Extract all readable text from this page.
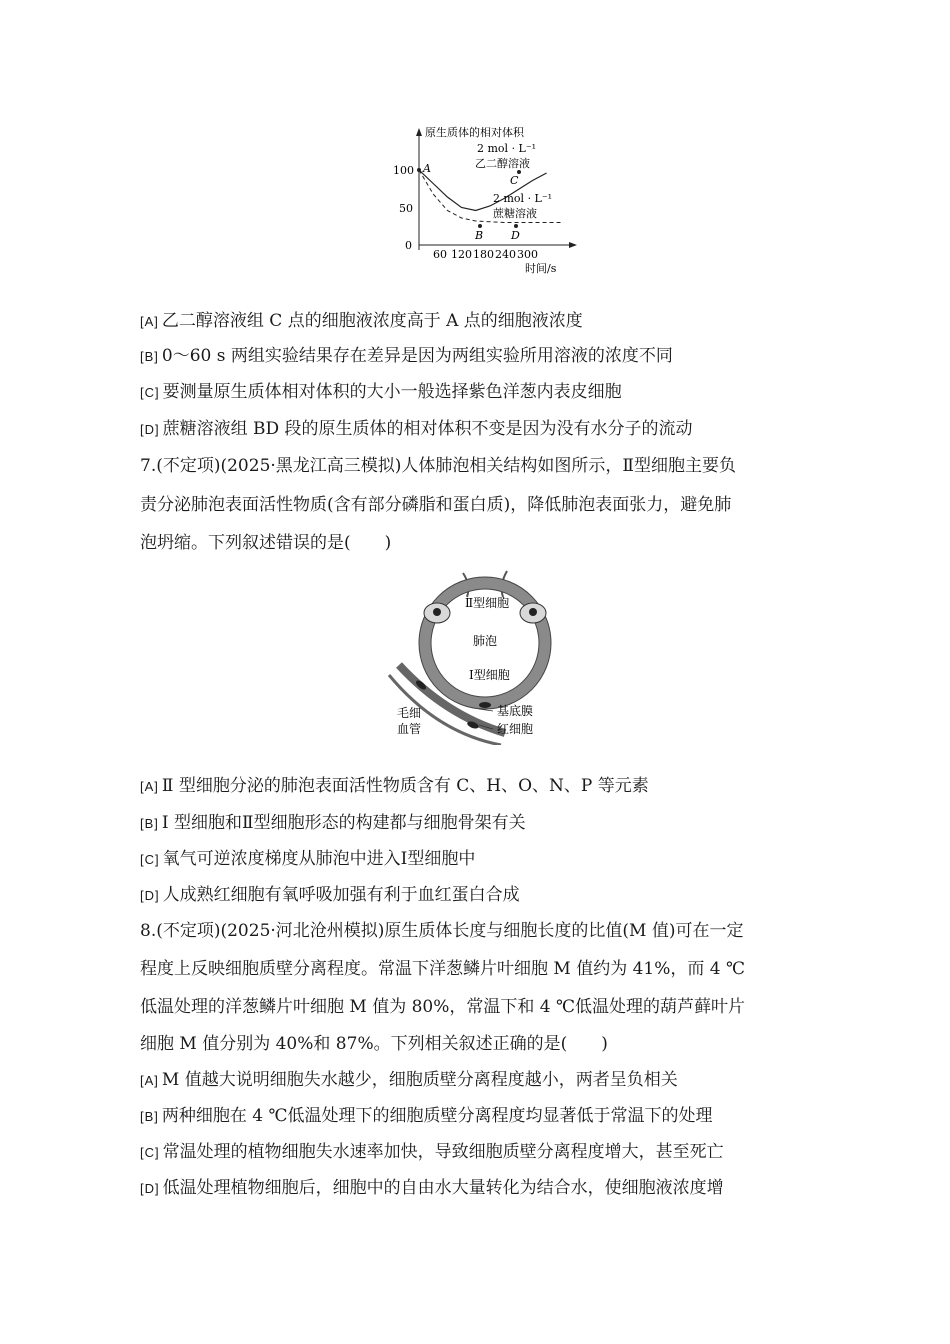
原生质体的相对体积
时间/s
100
50
0
60 120 180 240 300
A
B
C
D
2 mol · L⁻¹
乙二醇溶液
2 mol · L⁻¹
蔗糖溶液
[A] 乙二醇溶液组 C 点的细胞液浓度高于 A 点的细胞液浓度
[B] 0～60 s 两组实验结果存在差异是因为两组实验所用溶液的浓度不同
[C] 要测量原生质体相对体积的大小一般选择紫色洋葱内表皮细胞
[D] 蔗糖溶液组 BD 段的原生质体的相对体积不变是因为没有水分子的流动
7.(不定项)(2025·黑龙江高三模拟)人体肺泡相关结构如图所示，Ⅱ型细胞主要负
责分泌肺泡表面活性物质(含有部分磷脂和蛋白质)，降低肺泡表面张力，避免肺
泡坍缩。下列叙述错误的是(　　)
Ⅱ型细胞
肺泡
Ⅰ型细胞
基底膜
红细胞
毛细
血管
[A] Ⅱ 型细胞分泌的肺泡表面活性物质含有 C、H、O、N、P 等元素
[B] Ⅰ 型细胞和Ⅱ型细胞形态的构建都与细胞骨架有关
[C] 氧气可逆浓度梯度从肺泡中进入Ⅰ型细胞中
[D] 人成熟红细胞有氧呼吸加强有利于血红蛋白合成
8.(不定项)(2025·河北沧州模拟)原生质体长度与细胞长度的比值(M 值)可在一定
程度上反映细胞质壁分离程度。常温下洋葱鳞片叶细胞 M 值约为 41%，而 4 ℃
低温处理的洋葱鳞片叶细胞 M 值为 80%，常温下和 4 ℃低温处理的葫芦藓叶片
细胞 M 值分别为 40%和 87%。下列相关叙述正确的是(　　)
[A] M 值越大说明细胞失水越少，细胞质壁分离程度越小，两者呈负相关
[B] 两种细胞在 4 ℃低温处理下的细胞质壁分离程度均显著低于常温下的处理
[C] 常温处理的植物细胞失水速率加快，导致细胞质壁分离程度增大，甚至死亡
[D] 低温处理植物细胞后，细胞中的自由水大量转化为结合水，使细胞液浓度增
